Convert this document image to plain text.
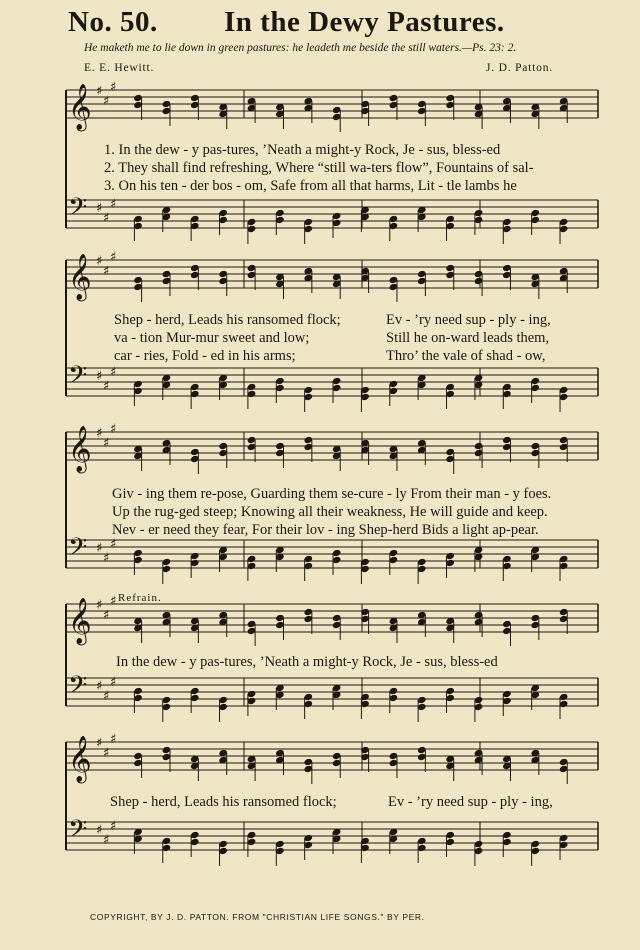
No. 50. In the Dewy Pastures.
He maketh me to lie down in green pastures: he leadeth me beside the still waters.—Ps. 23: 2.
E. E. Hewitt.	J. D. Patton.
𝄞 ♯
♯
♯
𝄢 ♯
♯
♯
𝄞 ♯
♯
♯
𝄢 ♯
♯
♯
𝄞 ♯
♯
♯
𝄢 ♯
♯
♯
𝄞 ♯
♯
♯
𝄢 ♯
♯
♯
𝄞 ♯
♯
♯
𝄢 ♯
♯
♯
1. In the dew - y pas-tures, ’Neath a might-y Rock, Je - sus, bless-ed
2. They shall find refreshing, Where “still wa-ters flow”, Fountains of sal-
3. On his ten - der bos - om, Safe from all that harms, Lit - tle lambs he
Shep - herd, Leads his ransomed flock;
va - tion Mur-mur sweet and low;
car - ries, Fold - ed in his arms;
Ev - ’ry need sup - ply - ing,
Still he on-ward leads them,
Thro’ the vale of shad - ow,
Giv - ing them re-pose, Guarding them se-cure - ly From their man - y foes.
Up the rug-ged steep; Knowing all their weakness, He will guide and keep.
Nev - er need they fear, For their lov - ing Shep-herd Bids a light ap-pear.
Refrain.
In the dew - y pas-tures, ’Neath a might-y Rock, Je - sus, bless-ed
Shep - herd, Leads his ransomed flock;	Ev - ’ry need sup - ply - ing,
COPYRIGHT, BY J. D. PATTON. FROM "CHRISTIAN LIFE SONGS." BY PER.
